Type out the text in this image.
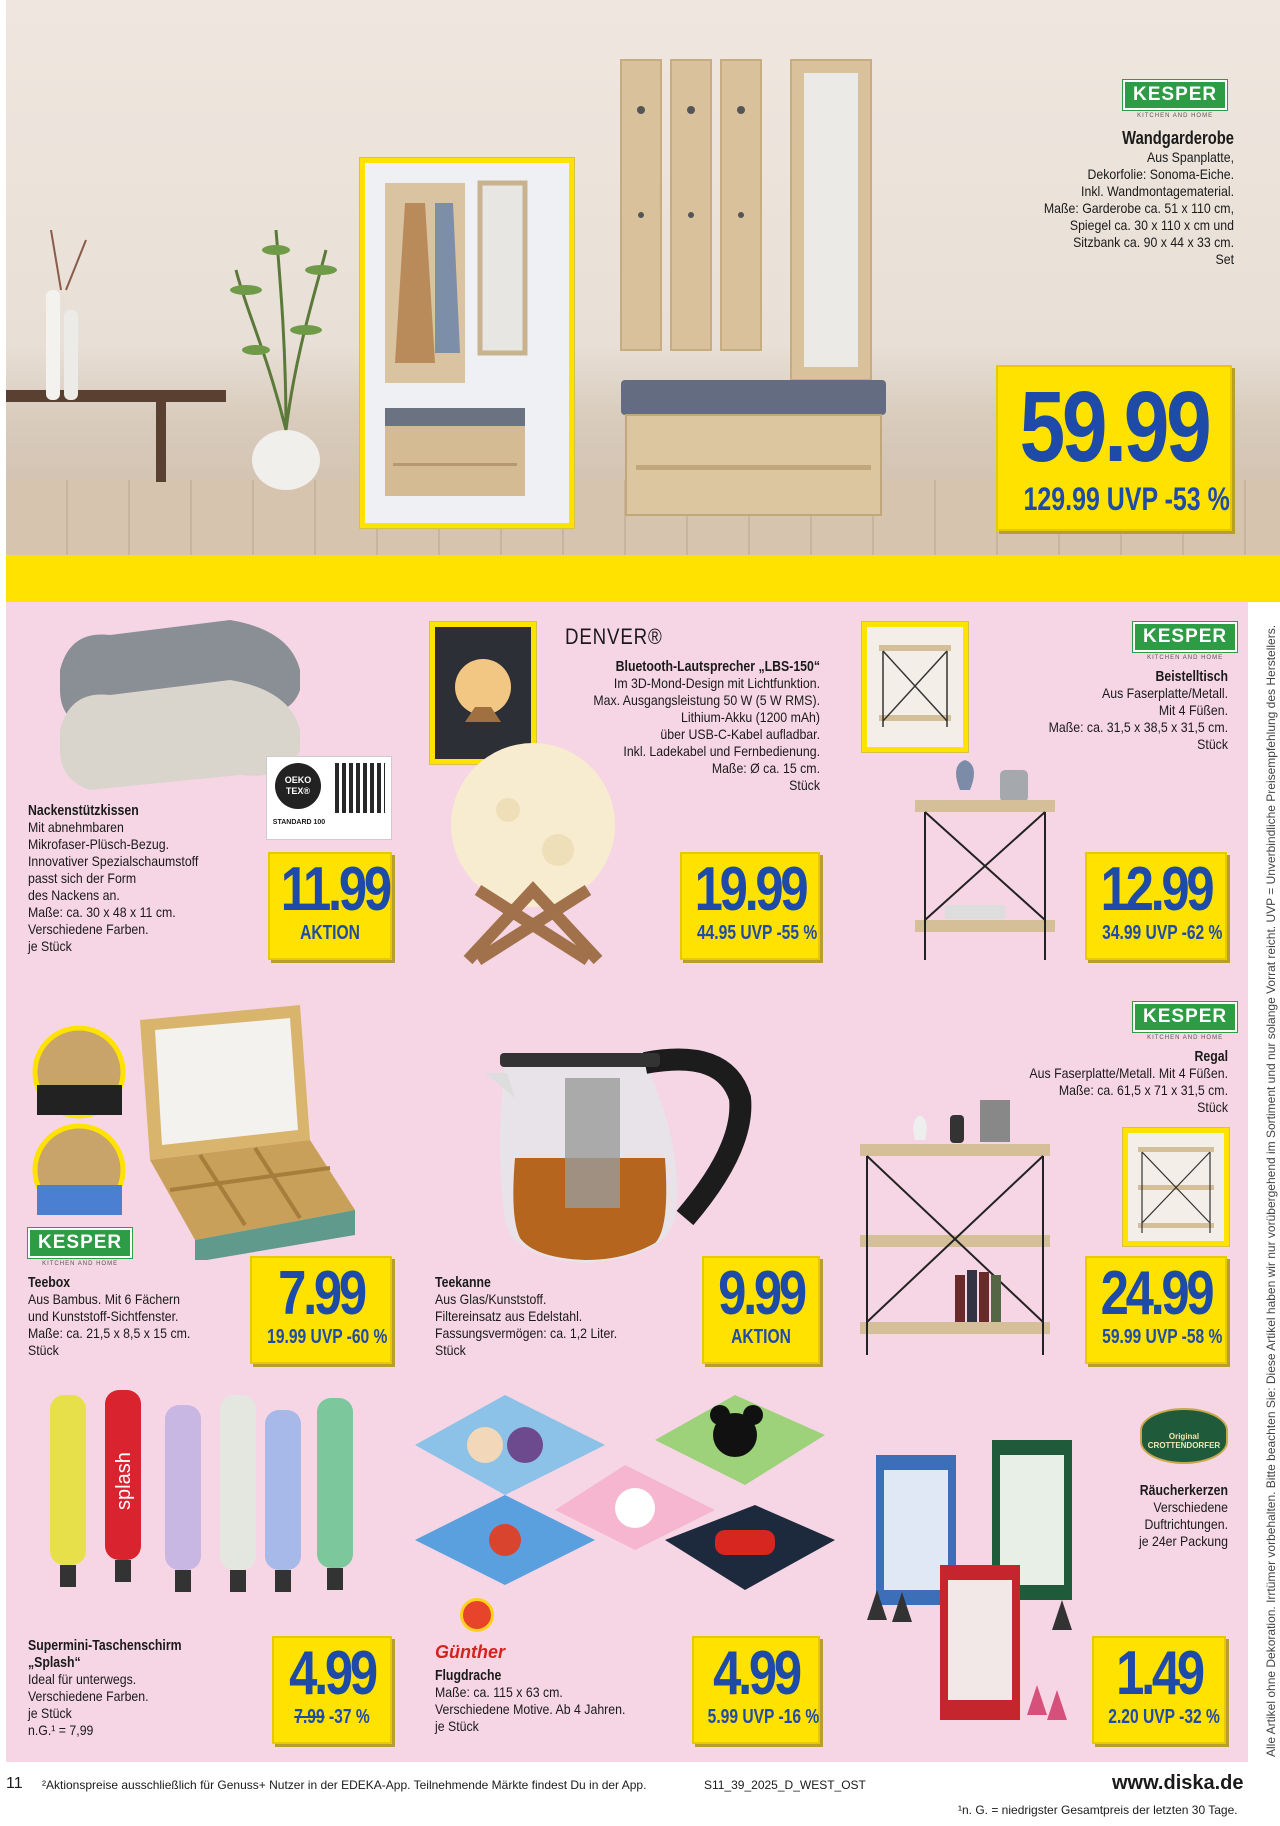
KESPER
KITCHEN AND HOME
Wandgarderobe
Aus Spanplatte,
Dekorfolie: Sonoma-Eiche.
Inkl. Wandmontagematerial.
Maße: Garderobe ca. 51 x 110 cm,
Spiegel ca. 30 x 110 x cm und
Sitzbank ca. 90 x 44 x 33 cm.
Set
59.99
129.99 UVP -53 %
OEKO TEX®
STANDARD 100
Nackenstützkissen
Mit abnehmbaren
Mikrofaser-Plüsch-Bezug.
Innovativer Spezialschaumstoff
passt sich der Form
des Nackens an.
Maße: ca. 30 x 48 x 11 cm.
Verschiedene Farben.
je Stück
11.99
AKTION
DENVER®
Bluetooth-Lautsprecher „LBS-150“
Im 3D-Mond-Design mit Lichtfunktion.
Max. Ausgangsleistung 50 W (5 W RMS).
Lithium-Akku (1200 mAh)
über USB-C-Kabel aufladbar.
Inkl. Ladekabel und Fernbedienung.
Maße: Ø ca. 15 cm.
Stück
19.99
44.95 UVP -55 %
KESPER
KITCHEN AND HOME
Beistelltisch
Aus Faserplatte/Metall.
Mit 4 Füßen.
Maße: ca. 31,5 x 38,5 x 31,5 cm.
Stück
12.99
34.99 UVP -62 %
KESPER
KITCHEN AND HOME
Teebox
Aus Bambus. Mit 6 Fächern
und Kunststoff-Sichtfenster.
Maße: ca. 21,5 x 8,5 x 15 cm.
Stück
7.99
19.99 UVP -60 %
Teekanne
Aus Glas/Kunststoff.
Filtereinsatz aus Edelstahl.
Fassungsvermögen: ca. 1,2 Liter.
Stück
9.99
AKTION
KESPER
KITCHEN AND HOME
Regal
Aus Faserplatte/Metall. Mit 4 Füßen.
Maße: ca. 61,5 x 71 x 31,5 cm.
Stück
24.99
59.99 UVP -58 %
splash
Supermini-Taschenschirm „Splash“
Ideal für unterwegs.
Verschiedene Farben.
je Stück
n.G.¹ = 7,99
4.99
7.99 -37 %
Günther
Flugdrache
Maße: ca. 115 x 63 cm.
Verschiedene Motive. Ab 4 Jahren.
je Stück
4.99
5.99 UVP -16 %
Original CROTTENDORFER
Räucherkerzen
Verschiedene
Duftrichtungen.
je 24er Packung
1.49
2.20 UVP -32 %	Alle Artikel ohne Dekoration. Irrtümer vorbehalten. Bitte beachten Sie: Diese Artikel haben wir nur vorübergehend im Sortiment und nur solange Vorrat reicht. UVP = Unverbindliche Preisempfehlung des Herstellers.
11 ²Aktionspreise ausschließlich für Genuss+ Nutzer in der EDEKA-App. Teilnehmende Märkte findest Du in der App.	S11_39_2025_D_WEST_OST	www.diska.de
¹n. G. = niedrigster Gesamtpreis der letzten 30 Tage.
